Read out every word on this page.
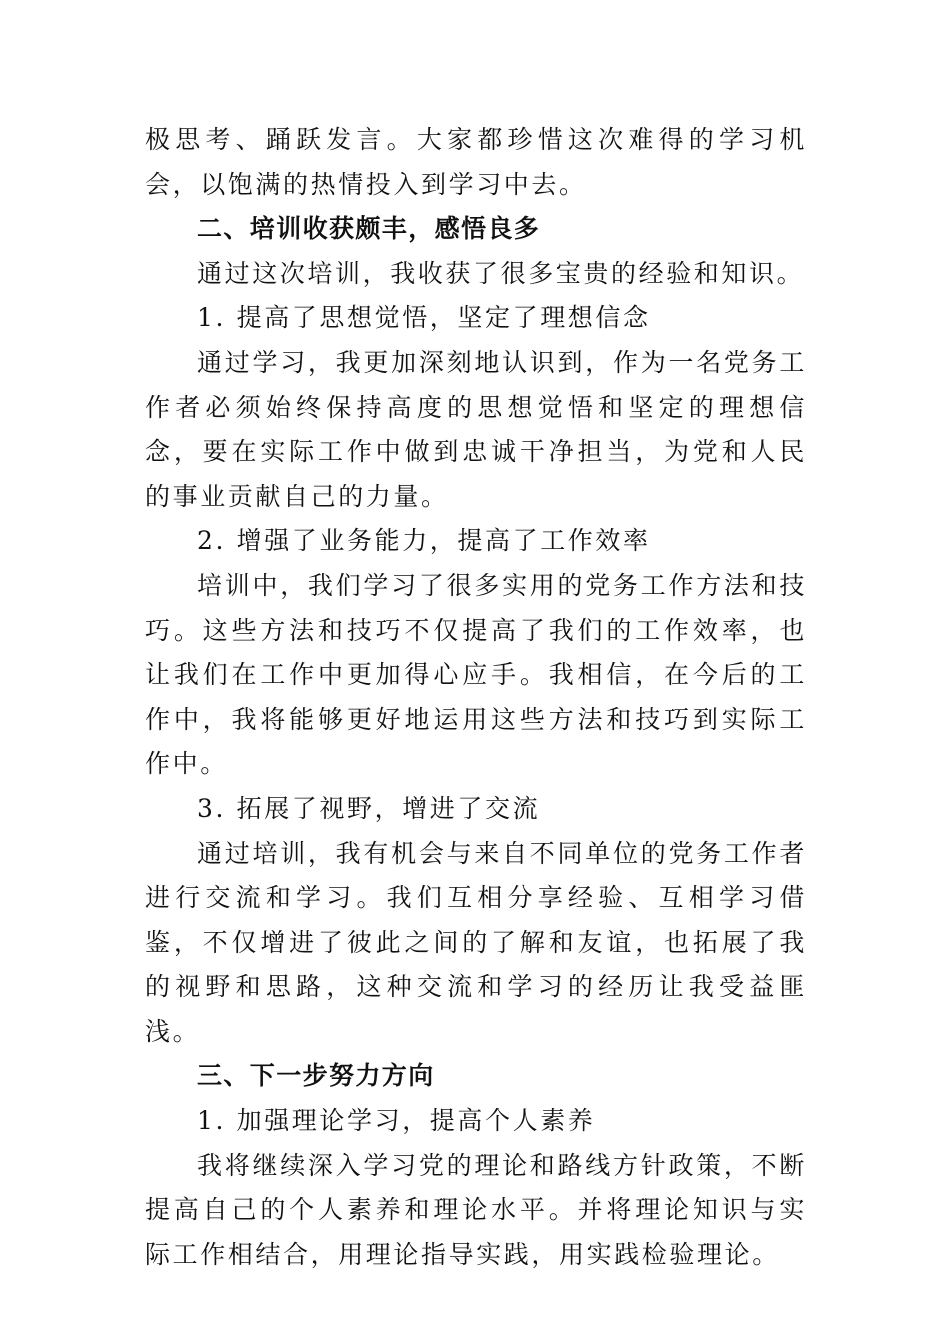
极思考、踊跃发言。大家都珍惜这次难得的学习机会，以饱满的热情投入到学习中去。

二、培训收获颇丰，感悟良多

通过这次培训，我收获了很多宝贵的经验和知识。

1. 提高了思想觉悟，坚定了理想信念

通过学习，我更加深刻地认识到，作为一名党务工作者必须始终保持高度的思想觉悟和坚定的理想信念，要在实际工作中做到忠诚干净担当，为党和人民的事业贡献自己的力量。

2. 增强了业务能力，提高了工作效率

培训中，我们学习了很多实用的党务工作方法和技巧。这些方法和技巧不仅提高了我们的工作效率，也让我们在工作中更加得心应手。我相信，在今后的工作中，我将能够更好地运用这些方法和技巧到实际工作中。

3. 拓展了视野，增进了交流

通过培训，我有机会与来自不同单位的党务工作者进行交流和学习。我们互相分享经验、互相学习借鉴，不仅增进了彼此之间的了解和友谊，也拓展了我的视野和思路，这种交流和学习的经历让我受益匪浅。

三、下一步努力方向

1. 加强理论学习，提高个人素养

我将继续深入学习党的理论和路线方针政策，不断提高自己的个人素养和理论水平。并将理论知识与实际工作相结合，用理论指导实践，用实践检验理论。
